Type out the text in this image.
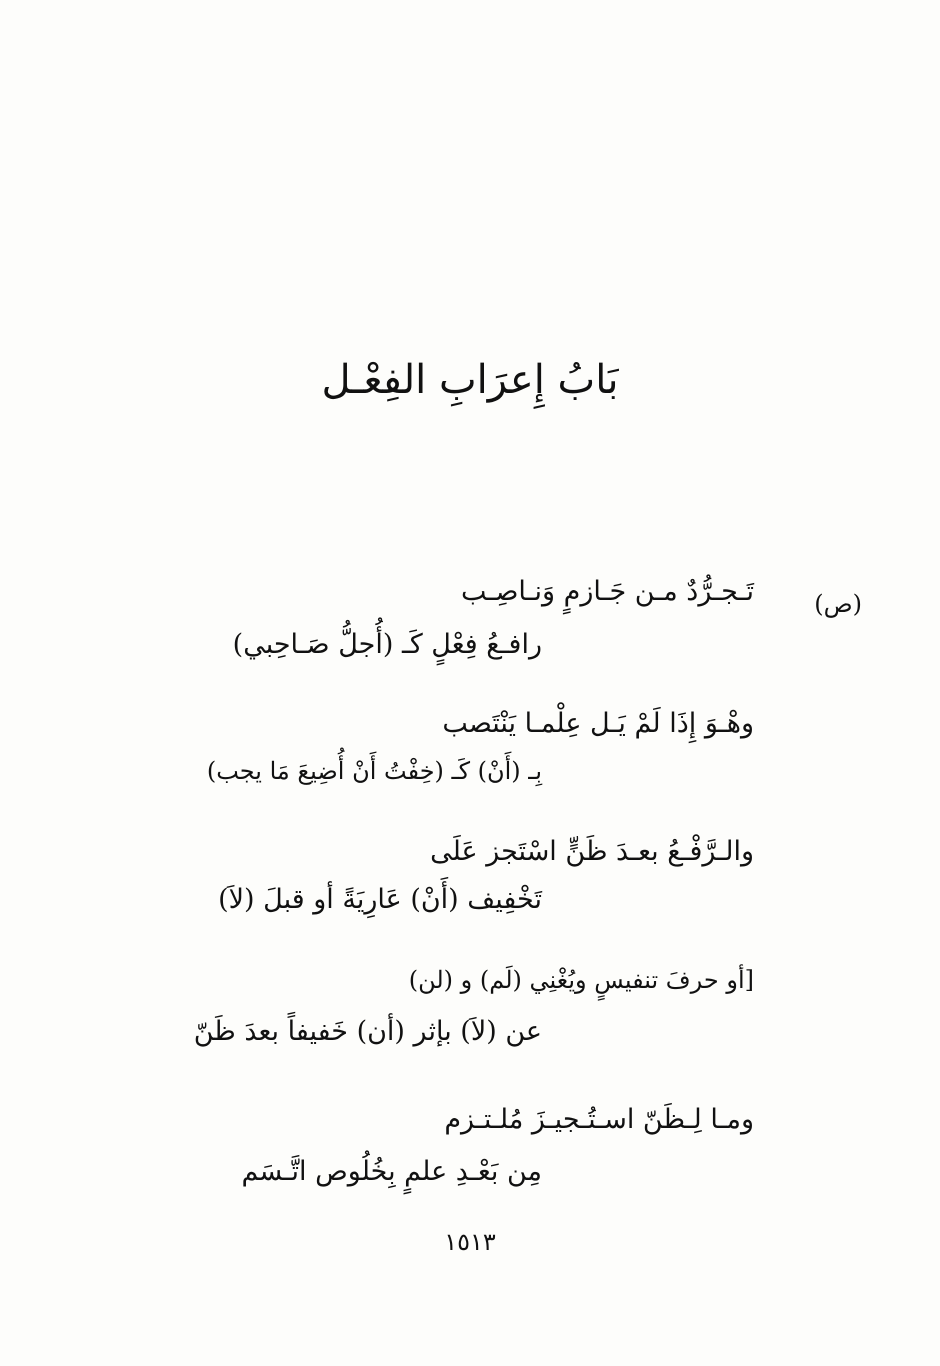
بَابُ إِعرَابِ الفِعْـل
(ص)
تَـجـرُّدٌ مـن جَـازمٍ وَنـاصِـب
رافـعُ فِعْلٍ كَـ (أُجلُّ صَـاحِبي)
وهْـوَ إِذَا لَمْ يَـل عِلْمـا يَنْتَصب
بِـ (أَنْ) كَـ (خِفْتُ أَنْ أُضِيعَ مَا يجب)
والـرَّفْـعُ بعـدَ ظَنٍّ اسْتَجز عَلَى
تَخْفِيف (أَنْ) عَارِيَةً أو قبلَ (لاَ)
[أو حرفَ تنفيسٍ ويُغْنِي (لَم) و (لن)
عن (لاَ) بإثر (أن) خَفيفاً بعدَ ظَنّ
ومـا لِـظَنّ اسـتُـجيـزَ مُلـتـزم
مِن بَعْـدِ علمٍ بِخُلُوص اتَّـسَم
١٥١٣
